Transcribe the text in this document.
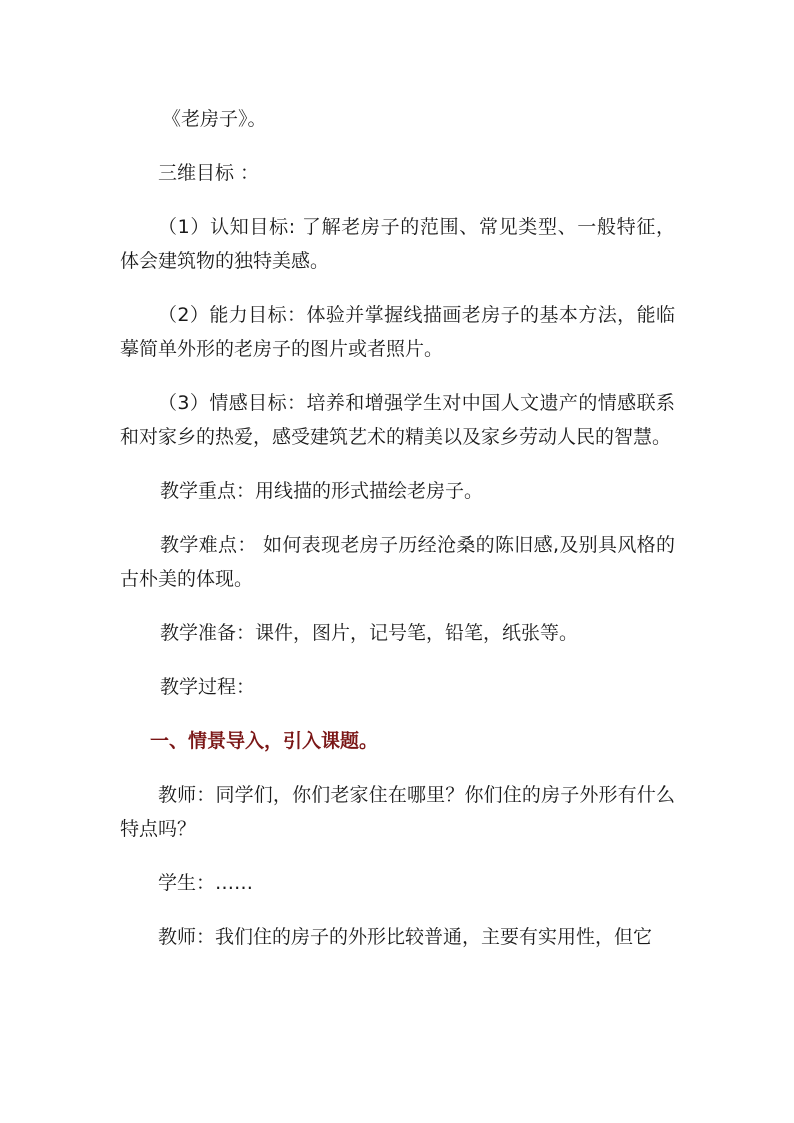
《老房子》。

三维目标 ：

（1）认知目标: 了解老房子的范围、常见类型、一般特征，体会建筑物的独特美感。

（2）能力目标：体验并掌握线描画老房子的基本方法，能临摹简单外形的老房子的图片或者照片。

（3）情感目标：培养和增强学生对中国人文遗产的情感联系和对家乡的热爱，感受建筑艺术的精美以及家乡劳动人民的智慧。

教学重点：用线描的形式描绘老房子。

教学难点： 如何表现老房子历经沧桑的陈旧感,及别具风格的古朴美的体现。

教学准备：课件，图片，记号笔，铅笔，纸张等。

教学过程：

一、情景导入，引入课题。

教师：同学们，你们老家住在哪里？你们住的房子外形有什么特点吗？

学生：……

教师：我们住的房子的外形比较普通，主要有实用性，但它
